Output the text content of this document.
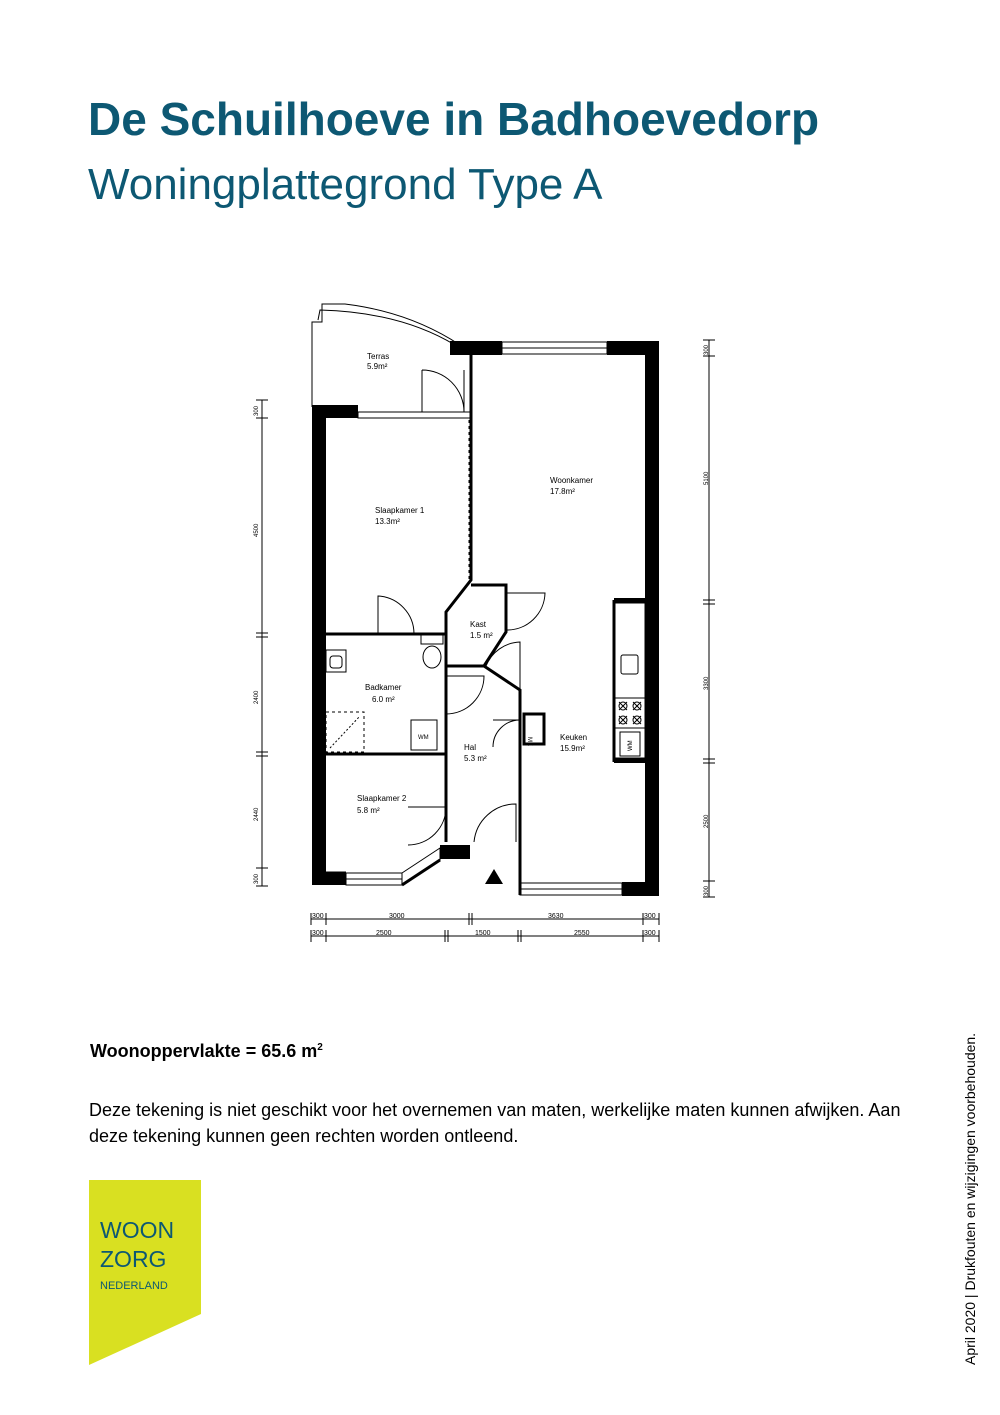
De Schuilhoeve in Badhoevedorp
Woningplattegrond Type A
Terras
5.9m²
Slaapkamer 1
13.3m²
Woonkamer
17.8m²
Kast
1.5 m²
Badkamer
6.0 m²
Hal
5.3 m²
Keuken
15.9m²
Slaapkamer 2
5.8 m²
WM
WM
MK
300
4500
2400
2440
300
300
5100
3300
2500
300
300	3000	3630	300
300	2500	1500	2550	300
Woonoppervlakte = 65.6 $m^2$
Deze tekening is niet geschikt voor het overnemen van maten, werkelijke maten kunnen afwijken. Aan deze tekening kunnen geen rechten worden ontleend.
WOON
ZORG
NEDERLAND	April 2020 | Drukfouten en wijzigingen voorbehouden.
